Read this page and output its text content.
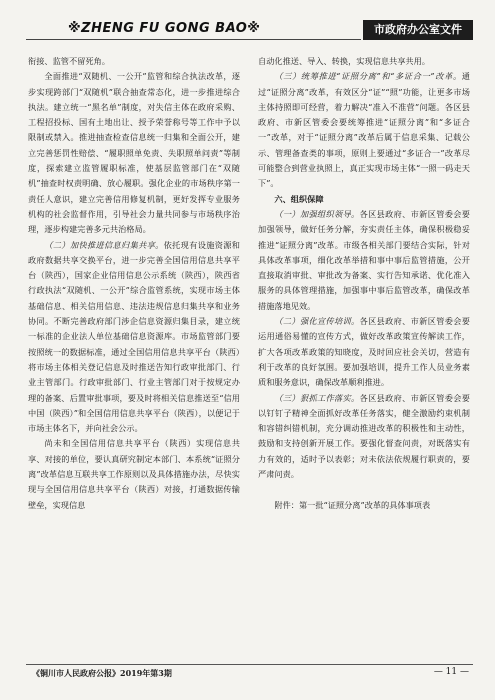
※ZHENG FU GONG BAO※	市政府办公室文件

衔接、监管不留死角。

全面推进“双随机、一公开”监管和综合执法改革，逐步实现跨部门“双随机”联合抽查常态化，进一步推进综合执法。建立统一“黑名单”制度，对失信主体在政府采购、工程招投标、国有土地出让、授予荣誉称号等工作中予以限制或禁入。推进抽查检查信息统一归集和全面公开，建立完善惩罚性赔偿、“履职照单免责、失职照单问责”等制度，探索建立监管履职标准，使基层监管部门在“双随机”抽查时权责明确、放心履职。强化企业的市场秩序第一责任人意识，建立完善信用修复机制，更好发挥专业服务机构的社会监督作用，引导社会力量共同参与市场秩序治理，逐步构建完善多元共治格局。

（二）加快推进信息归集共享。依托现有设施资源和政府数据共享交换平台，进一步完善全国信用信息共享平台（陕西），国家企业信用信息公示系统（陕西），陕西省行政执法“双随机、一公开”综合监管系统，实现市场主体基础信息、相关信用信息、违法违规信息归集共享和业务协同。不断完善政府部门涉企信息资源归集目录，建立统一标准的企业法人单位基础信息资源库。市场监管部门要按照统一的数据标准，通过全国信用信息共享平台（陕西）将市场主体相关登记信息及时推送告知行政审批部门、行业主管部门。行政审批部门、行业主管部门对于按规定办理的备案、后置审批事项，要及时将相关信息推送至“信用中国（陕西）”和全国信用信息共享平台（陕西），以便记于市场主体名下，并向社会公示。

尚未和全国信用信息共享平台（陕西）实现信息共享、对接的单位，要认真研究制定本部门、本系统“证照分离”改革信息互联共享工作原则以及具体措施办法，尽快实现与全国信用信息共享平台（陕西）对接，打通数据传输壁垒，实现信息

自动化推送、导入、转换，实现信息共享共用。

（三）统筹推进“证照分离”和“多证合一”改革。通过“证照分离”改革，有效区分“证”“照”功能，让更多市场主体持照即可经营，着力解决“准入不准营”问题。各区县政府、市新区管委会要统筹推进“证照分离”和“多证合一”改革，对于“证照分离”改革后属于信息采集、记载公示、管理备查类的事项，原则上要通过“多证合一”改革尽可能整合到营业执照上，真正实现市场主体“一照一码走天下”。

六、组织保障

（一）加强组织领导。各区县政府、市新区管委会要加强领导，做好任务分解，夯实责任主体，确保积极稳妥推进“证照分离”改革。市级各相关部门要结合实际，针对具体改革事项，细化改革举措和事中事后监管措施，公开直接取消审批、审批改为备案、实行告知承诺、优化准入服务的具体管理措施，加强事中事后监管改革，确保改革措施落地见效。

（二）强化宣传培训。各区县政府、市新区管委会要运用通俗易懂的宣传方式，做好改革政策宣传解读工作，扩大各项改革政策的知晓度，及时回应社会关切，营造有利于改革的良好氛围。要加强培训，提升工作人员业务素质和服务意识，确保改革顺利推进。

（三）狠抓工作落实。各区县政府、市新区管委会要以钉钉子精神全面抓好改革任务落实，健全激励约束机制和容错纠错机制，充分调动推进改革的积极性和主动性，鼓励和支持创新开展工作。要强化督查问责，对既落实有力有效的，适时予以表彰；对未依法依规履行职责的，要严肃问责。

附件：第一批“证照分离”改革的具体事项表

《铜川市人民政府公报》2019年第3期	— 11 —
